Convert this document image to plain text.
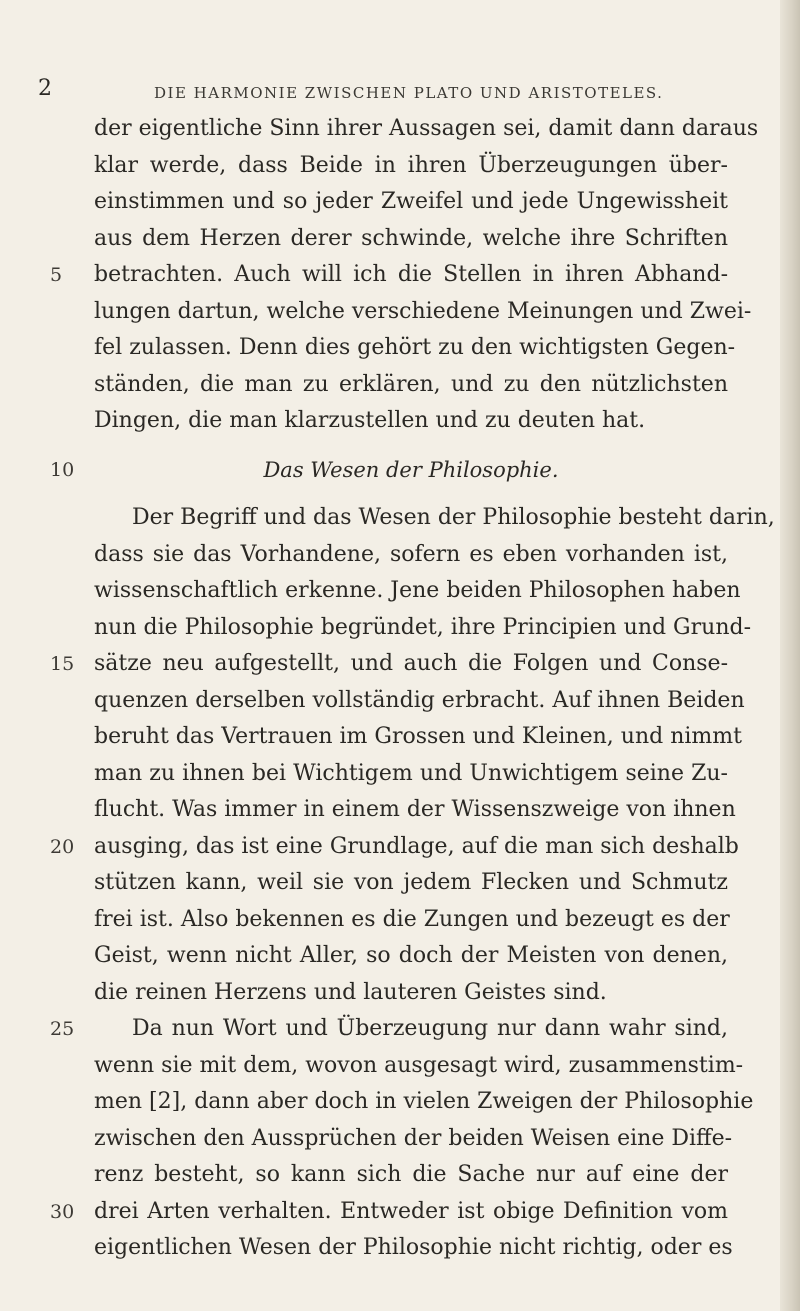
2	DIE HARMONIE ZWISCHEN PLATO UND ARISTOTELES.
der eigentliche Sinn ihrer Aussagen sei, damit dann daraus
klar werde, dass Beide in ihren Überzeugungen über-
einstimmen und so jeder Zweifel und jede Ungewissheit
aus dem Herzen derer schwinde, welche ihre Schriften
5	betrachten. Auch will ich die Stellen in ihren Abhand-
lungen dartun, welche verschiedene Meinungen und Zwei-
fel zulassen. Denn dies gehört zu den wichtigsten Gegen-
ständen, die man zu erklären, und zu den nützlichsten
Dingen, die man klarzustellen und zu deuten hat.
10	Das Wesen der Philosophie.
Der Begriff und das Wesen der Philosophie besteht darin,
dass sie das Vorhandene, sofern es eben vorhanden ist,
wissenschaftlich erkenne. Jene beiden Philosophen haben
nun die Philosophie begründet, ihre Principien und Grund-
15 sätze neu aufgestellt, und auch die Folgen und Conse-
quenzen derselben vollständig erbracht. Auf ihnen Beiden
beruht das Vertrauen im Grossen und Kleinen, und nimmt
man zu ihnen bei Wichtigem und Unwichtigem seine Zu-
flucht. Was immer in einem der Wissenszweige von ihnen
20 ausging, das ist eine Grundlage, auf die man sich deshalb
stützen kann, weil sie von jedem Flecken und Schmutz
frei ist. Also bekennen es die Zungen und bezeugt es der
Geist, wenn nicht Aller, so doch der Meisten von denen,
die reinen Herzens und lauteren Geistes sind.
25	Da nun Wort und Überzeugung nur dann wahr sind,
wenn sie mit dem, wovon ausgesagt wird, zusammenstim-
men [2], dann aber doch in vielen Zweigen der Philosophie
zwischen den Aussprüchen der beiden Weisen eine Diffe-
renz besteht, so kann sich die Sache nur auf eine der
30 drei Arten verhalten. Entweder ist obige Definition vom
eigentlichen Wesen der Philosophie nicht richtig, oder es
